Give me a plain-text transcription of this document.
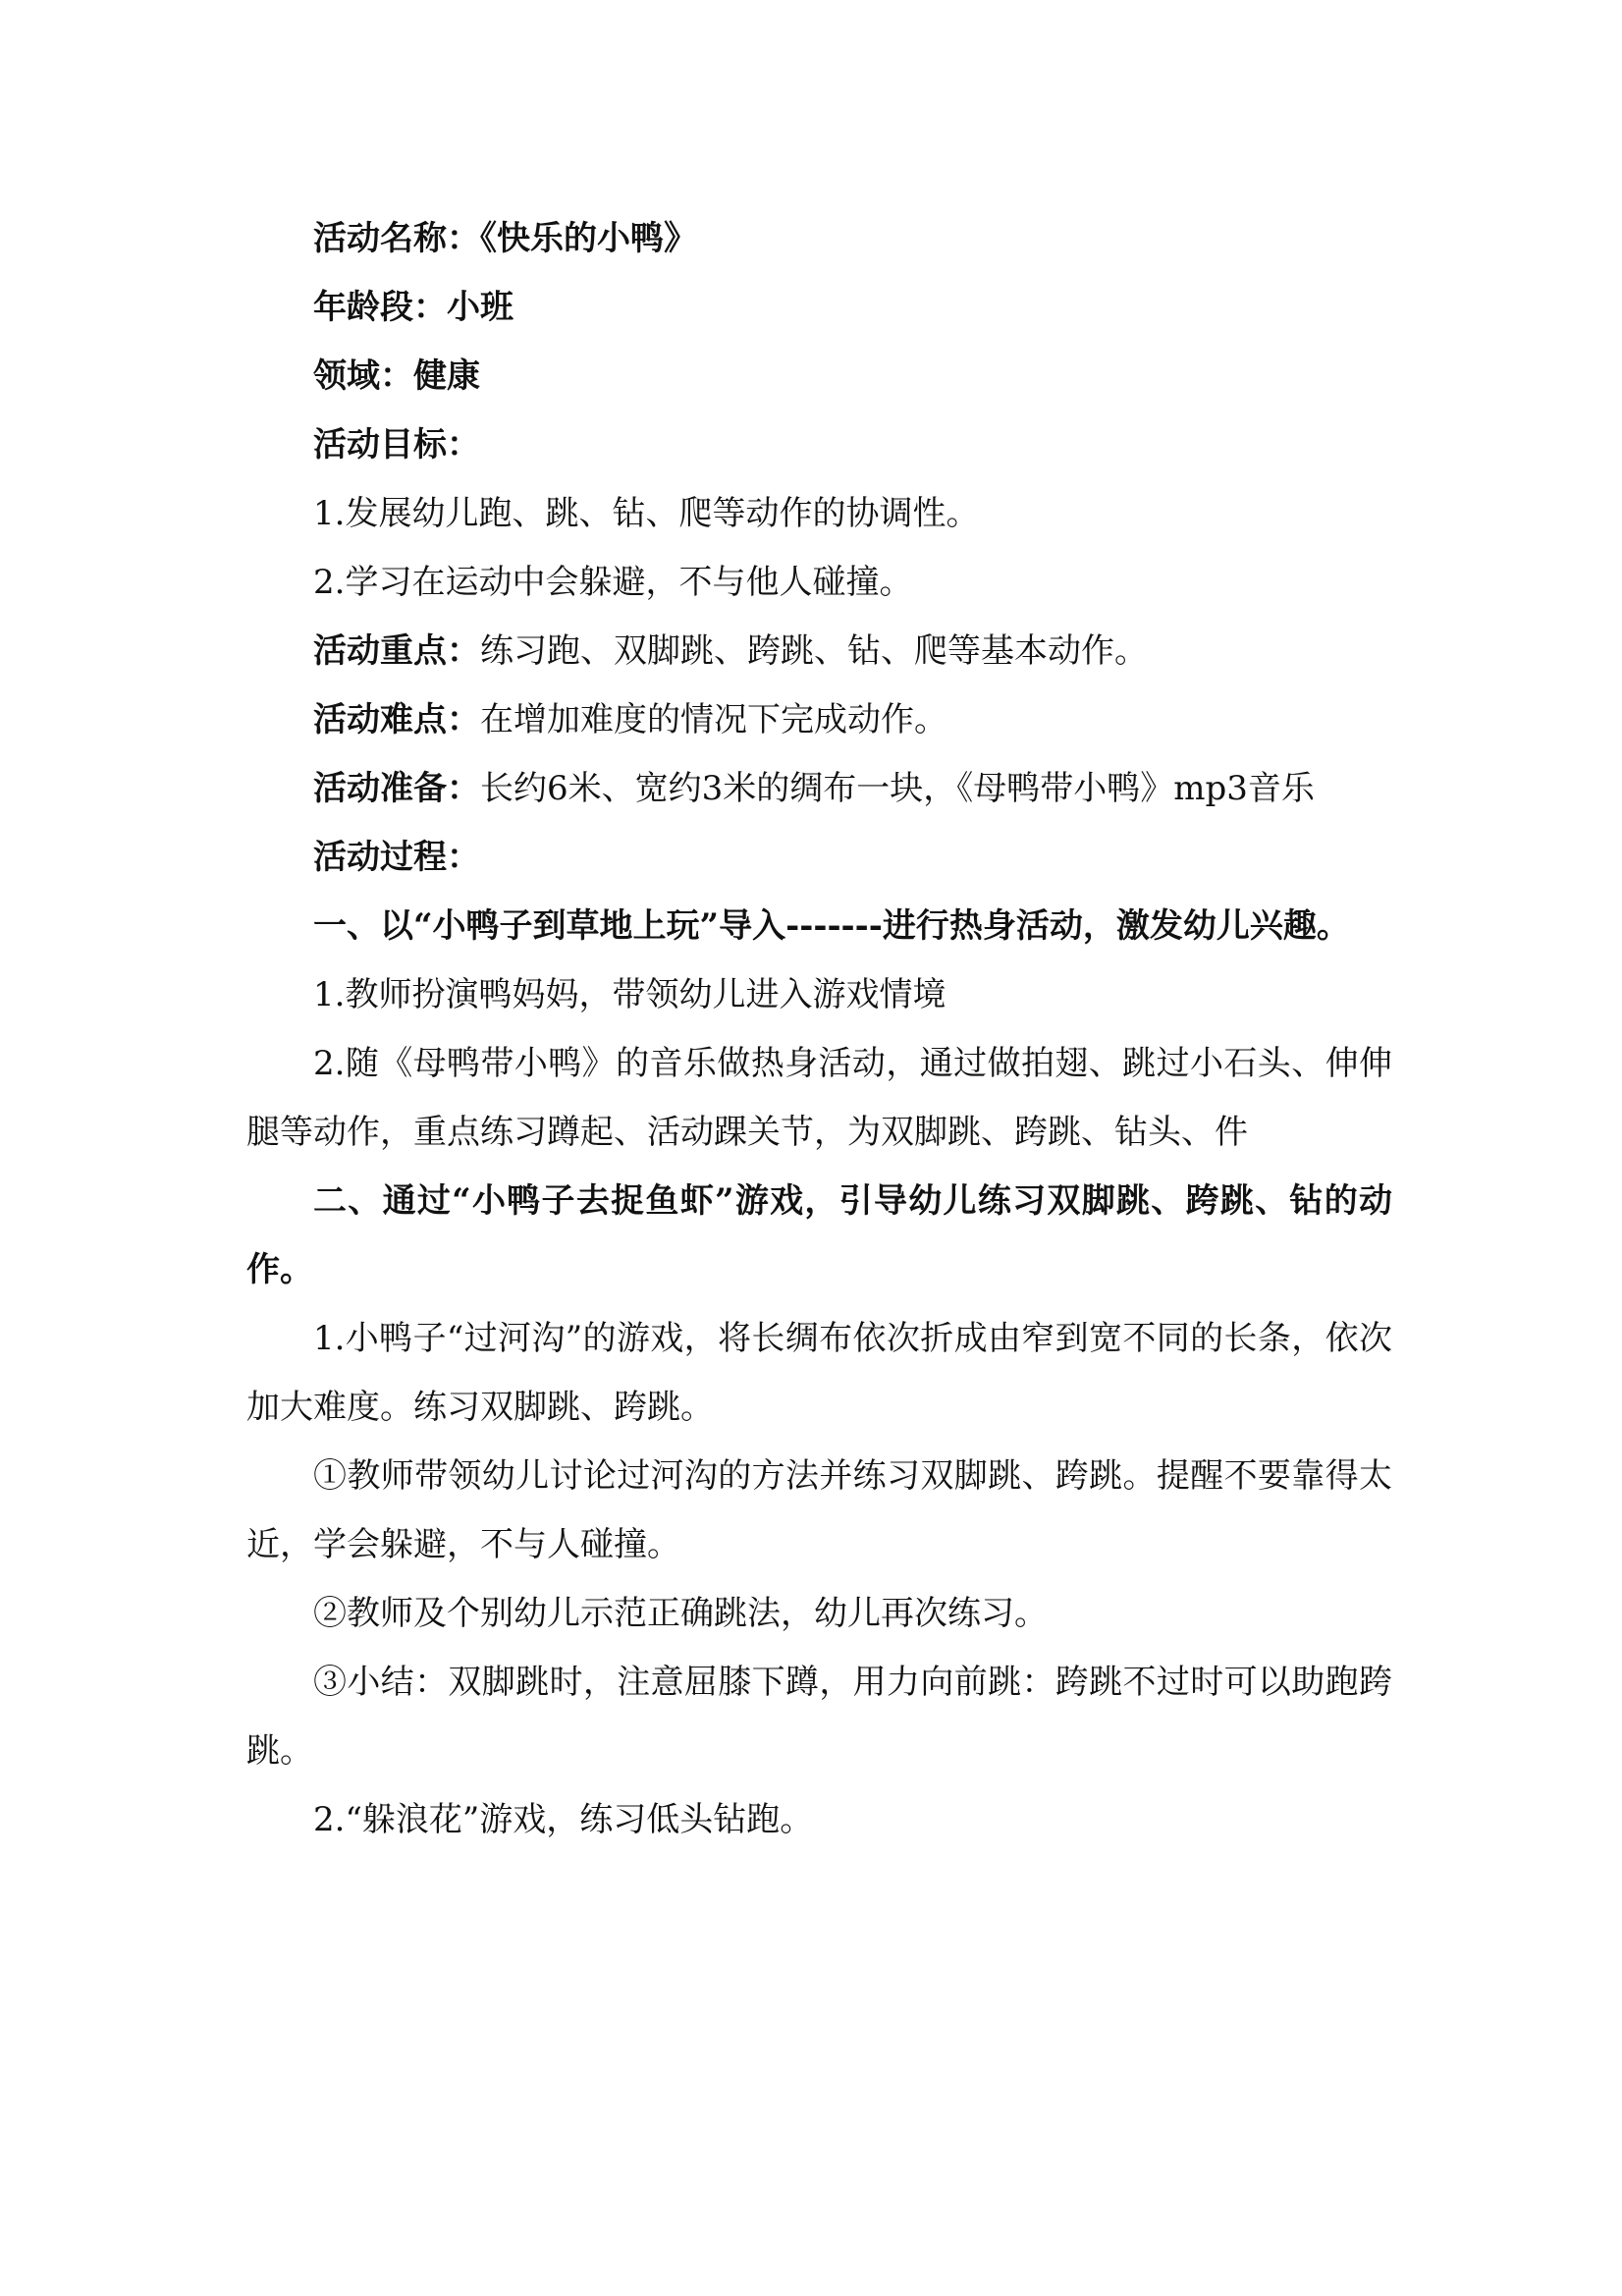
活动名称：《快乐的小鸭》

年龄段：小班

领域：健康

活动目标：

1.发展幼儿跑、跳、钻、爬等动作的协调性。

2.学习在运动中会躲避，不与他人碰撞。

活动重点：练习跑、双脚跳、跨跳、钻、爬等基本动作。

活动难点：在增加难度的情况下完成动作。

活动准备：长约6米、宽约3米的绸布一块，《母鸭带小鸭》mp3音乐

活动过程：

一、以“小鸭子到草地上玩”导入-------进行热身活动，激发幼儿兴趣。

1.教师扮演鸭妈妈，带领幼儿进入游戏情境

2.随《母鸭带小鸭》的音乐做热身活动，通过做拍翅、跳过小石头、伸伸腿等动作，重点练习蹲起、活动踝关节，为双脚跳、跨跳、钻头、件

二、通过“小鸭子去捉鱼虾”游戏，引导幼儿练习双脚跳、跨跳、钻的动作。

1.小鸭子“过河沟”的游戏，将长绸布依次折成由窄到宽不同的长条，依次加大难度。练习双脚跳、跨跳。

①教师带领幼儿讨论过河沟的方法并练习双脚跳、跨跳。提醒不要靠得太近，学会躲避，不与人碰撞。

②教师及个别幼儿示范正确跳法，幼儿再次练习。

③小结：双脚跳时，注意屈膝下蹲，用力向前跳：跨跳不过时可以助跑跨跳。

2.“躲浪花”游戏，练习低头钻跑。
